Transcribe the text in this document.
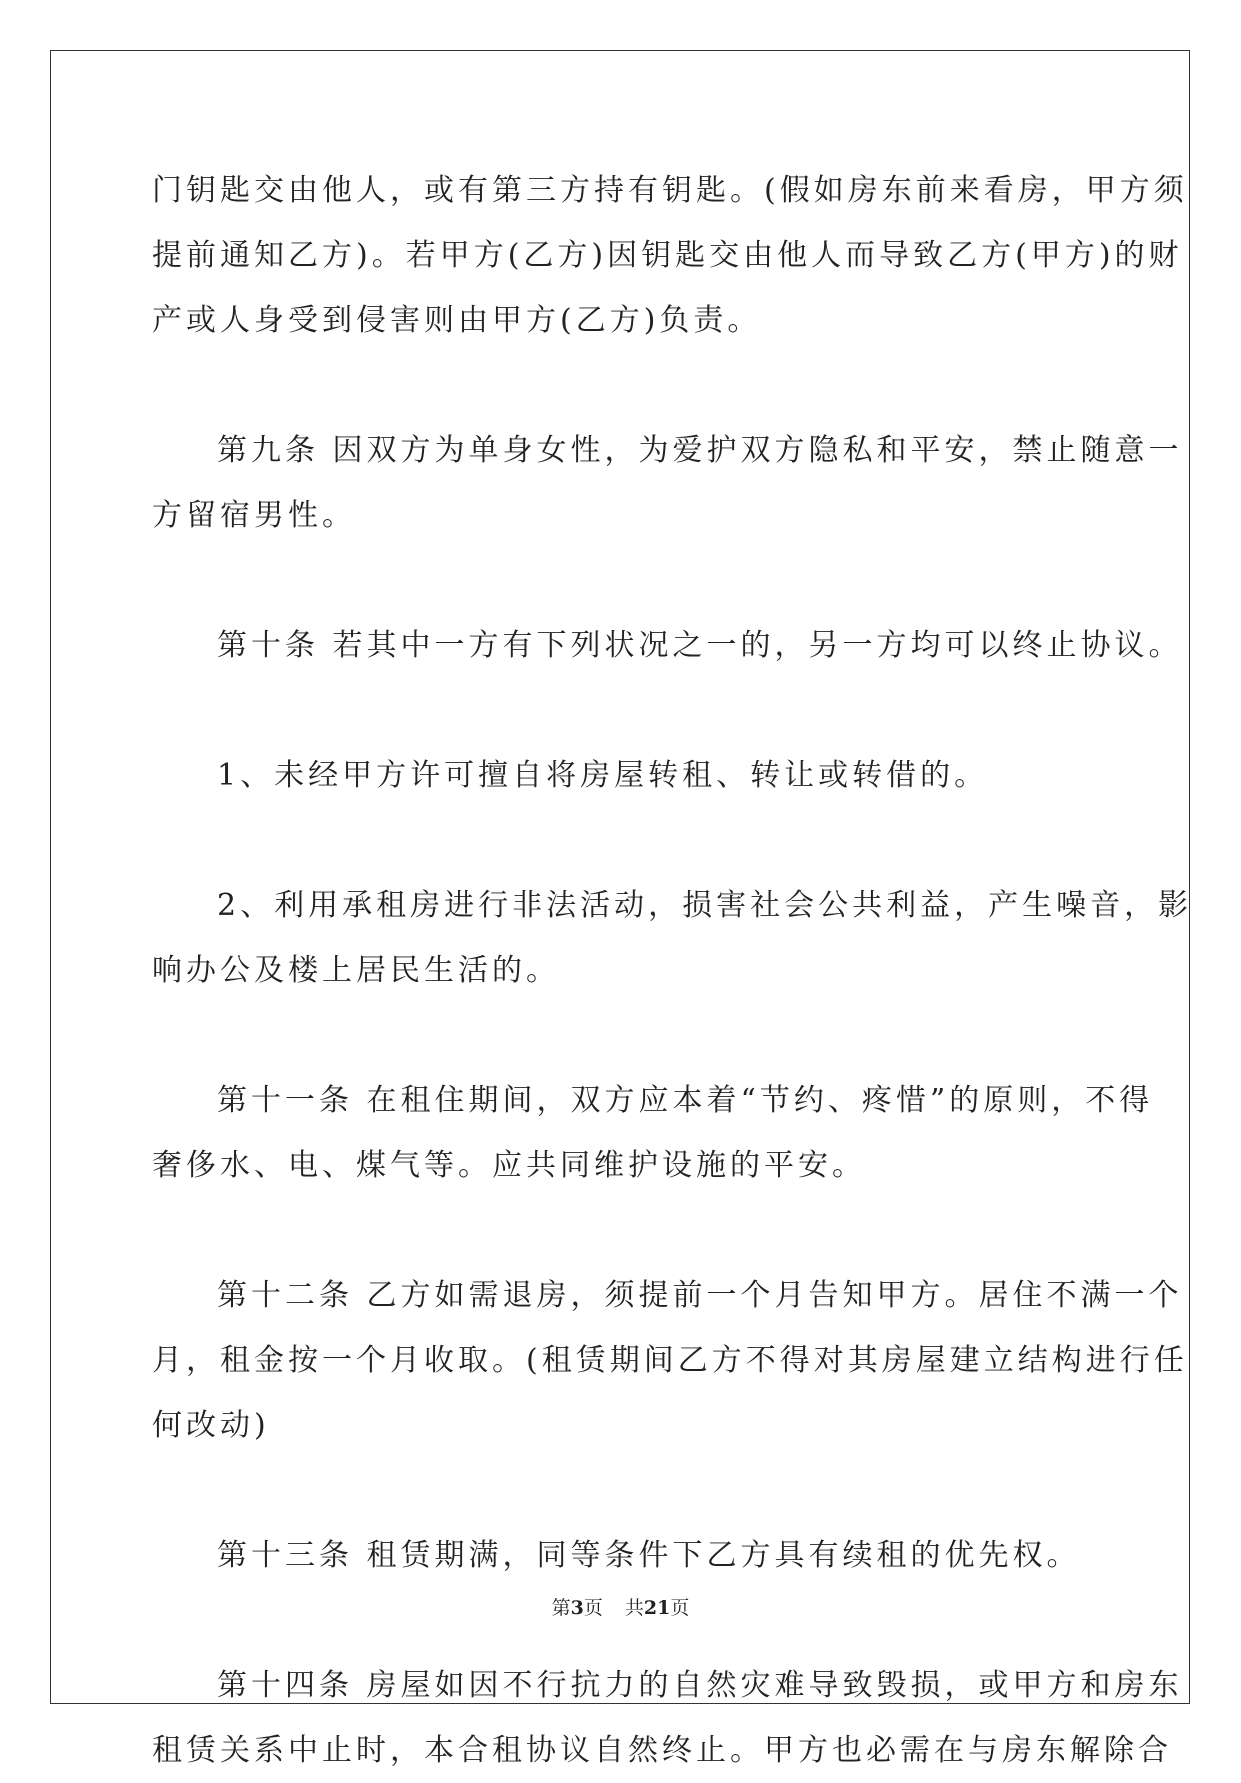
门钥匙交由他人，或有第三方持有钥匙。(假如房东前来看房，甲方须
提前通知乙方)。若甲方(乙方)因钥匙交由他人而导致乙方(甲方)的财
产或人身受到侵害则由甲方(乙方)负责。
第九条 因双方为单身女性，为爱护双方隐私和平安，禁止随意一
方留宿男性。
第十条 若其中一方有下列状况之一的，另一方均可以终止协议。
1、未经甲方许可擅自将房屋转租、转让或转借的。
2、利用承租房进行非法活动，损害社会公共利益，产生噪音，影
响办公及楼上居民生活的。
第十一条 在租住期间，双方应本着“节约、疼惜”的原则，不得
奢侈水、电、煤气等。应共同维护设施的平安。
第十二条 乙方如需退房，须提前一个月告知甲方。居住不满一个
月，租金按一个月收取。(租赁期间乙方不得对其房屋建立结构进行任
何改动)
第十三条 租赁期满，同等条件下乙方具有续租的优先权。
第十四条 房屋如因不行抗力的自然灾难导致毁损，或甲方和房东
租赁关系中止时，本合租协议自然终止。甲方也必需在与房东解除合
第3页 共21页
